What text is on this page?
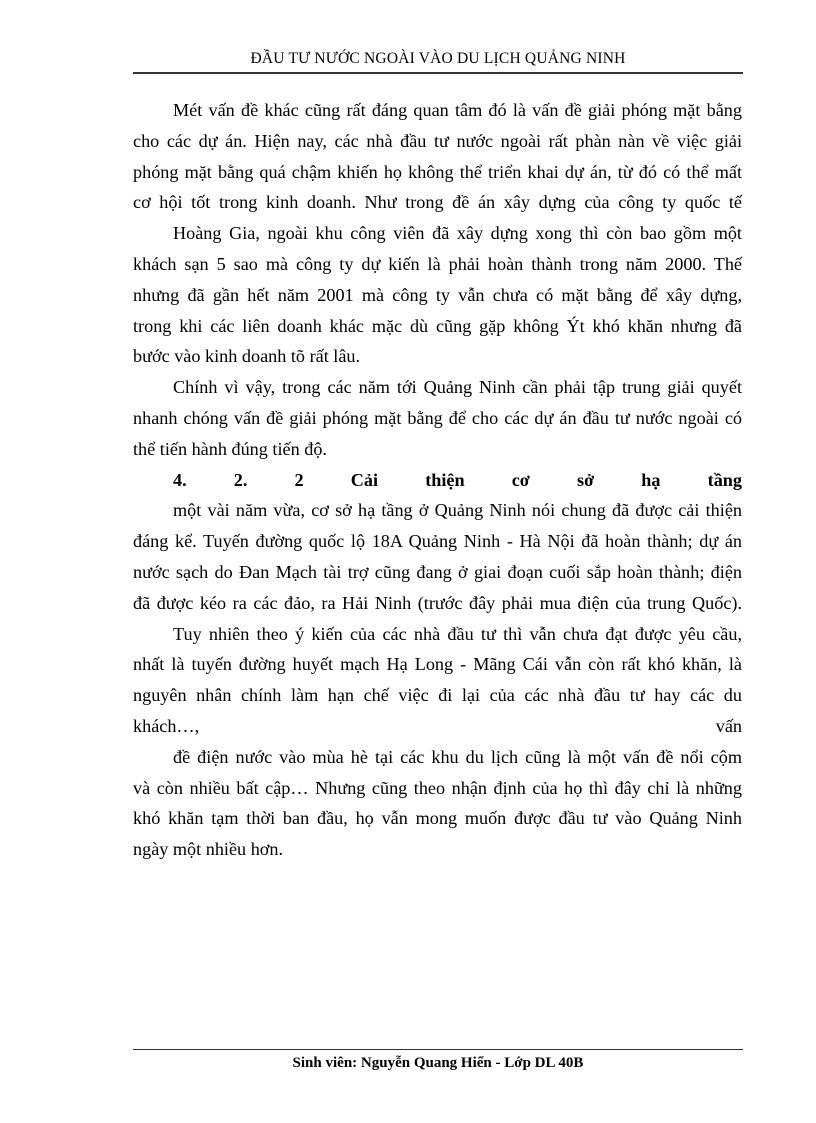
ĐẦU TƯ NƯỚC NGOÀI VÀO DU LỊCH QUẢNG NINH
Mét vấn đề khác cũng rất đáng quan tâm đó là vấn đề giải phóng mặt bằng
cho các dự án. Hiện nay, các nhà đầu tư nước ngoài rất phàn nàn về việc giải
phóng mặt bằng quá chậm khiến họ không thể triển khai dự án, từ đó có thể mất
cơ hội tốt trong kinh doanh. Như trong đề án xây dựng của công ty quốc tế
Hoàng Gia, ngoài khu công viên đã xây dựng xong thì còn bao gồm một
khách sạn 5 sao mà công ty dự kiến là phải hoàn thành trong năm 2000. Thế
nhưng đã gần hết năm 2001 mà công ty vẫn chưa có mặt bằng để xây dựng,
trong khi các liên doanh khác mặc dù cũng gặp không Ýt khó khăn nhưng đã
bước vào kinh doanh tõ rất lâu.
Chính vì vậy, trong các năm tới Quảng Ninh cần phải tập trung giải quyết
nhanh chóng vấn đề giải phóng mặt bằng để cho các dự án đầu tư nước ngoài có
thể tiến hành đúng tiến độ.
4. 2. 2 Cải thiện cơ sở hạ tầng
một vài năm vừa, cơ sở hạ tầng ở Quảng Ninh nói chung đã được cải thiện
đáng kể. Tuyến đường quốc lộ 18A Quảng Ninh - Hà Nội đã hoàn thành; dự án
nước sạch do Đan Mạch tài trợ cũng đang ở giai đoạn cuối sắp hoàn thành; điện
đã được kéo ra các đảo, ra Hải Ninh (trước đây phải mua điện của trung Quốc).
Tuy nhiên theo ý kiến của các nhà đầu tư thì vẫn chưa đạt được yêu cầu,
nhất là tuyến đường huyết mạch Hạ Long - Mãng Cái vẫn còn rất khó khăn, là
nguyên nhân chính làm hạn chế việc đi lại của các nhà đầu tư hay các du
khách…, vấn
đề điện nước vào mùa hè tại các khu du lịch cũng là một vấn đề nổi cộm
và còn nhiều bất cập… Nhưng cũng theo nhận định của họ thì đây chỉ là những
khó khăn tạm thời ban đầu, họ vẫn mong muốn được đầu tư vào Quảng Ninh
ngày một nhiều hơn.
Sinh viên: Nguyễn Quang Hiển - Lớp DL 40B
